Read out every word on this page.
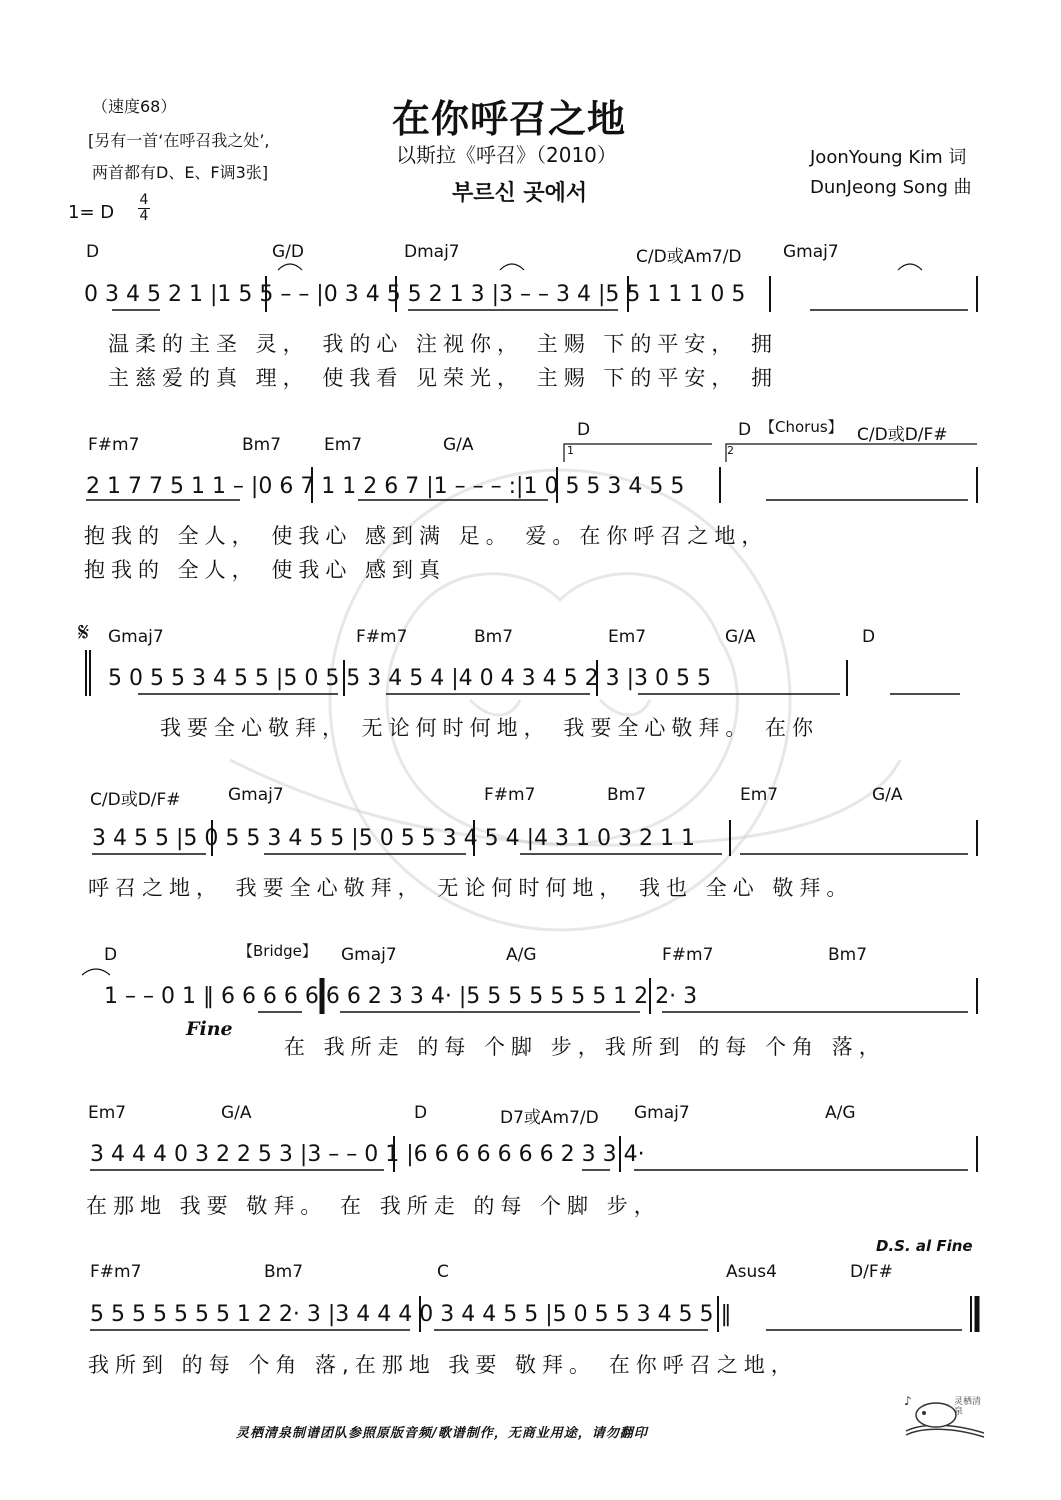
（速度68）
[另有一首‘在呼召我之处’,
两首都有D、E、F调3张]
1= D
4
4
在你呼召之地
以斯拉《呼召》（2010）
부르신 곳에서
JoonYoung Kim 词
DunJeong Song 曲
D	G/D	Dmaj7	C/D或Am7/D Gmaj7
0 3 4 5 2 1 |1 5 5 – – |0 3 4 5 5 2 1 3 |3 – – 3 4 |5 5 1 1 1 0 5
温柔的主圣 灵， 我的心 注视你， 主赐 下的平安， 拥
主慈爱的真 理， 使我看 见荣光， 主赐 下的平安， 拥
F#m7	Bm7	Em7	G/A
D
1
D
2
【Chorus】 C/D或D/F#
2 1 7 7 5 1 1 – |0 6 7 1 1 2 6 7 |1 – – – :|1 0 5 5 3 4 5 5
抱我的 全人， 使我心 感到满 足。 爱。在你呼召之地，
抱我的 全人， 使我心 感到真
𝄋 Gmaj7	F#m7	Bm7	Em7	G/A	D
5 0 5 5 3 4 5 5 |5 0 5 5 3 4 5 4 |4 0 4 3 4 5 2 3 |3 0 5 5
我要全心敬拜， 无论何时何地， 我要全心敬拜。 在你
C/D或D/F#	Gmaj7	F#m7	Bm7	Em7	G/A
3 4 5 5 |5 0 5 5 3 4 5 5 |5 0 5 5 3 4 5 4 |4 3 1 0 3 2 1 1
呼召之地， 我要全心敬拜， 无论何时何地， 我也 全心 敬拜。
D	【Bridge】 Gmaj7	A/G	F#m7	Bm7
1 – – 0 1 ‖ 6 6 6 6 6 6 6 2 3 3 4· |5 5 5 5 5 5 5 1 2 2· 3
Fine
在 我所走 的每 个脚 步，我所到 的每 个角 落，
Em7	G/A	D	D7或Am7/D Gmaj7	A/G
3 4 4 4 0 3 2 2 5 3 |3 – – 0 1 |6 6 6 6 6 6 6 2 3 3 4·
在那地 我要 敬拜。 在 我所走 的每 个脚 步，
D.S. al Fine
F#m7	Bm7	C	Asus4	D/F#
5 5 5 5 5 5 5 1 2 2· 3 |3 4 4 4 0 3 4 4 5 5 |5 0 5 5 3 4 5 5 ‖
我所到 的每 个角 落,在那地 我要 敬拜。 在你呼召之地，
灵栖清泉制谱团队参照原版音频/歌谱制作，无商业用途，请勿翻印
♪	灵栖清泉
